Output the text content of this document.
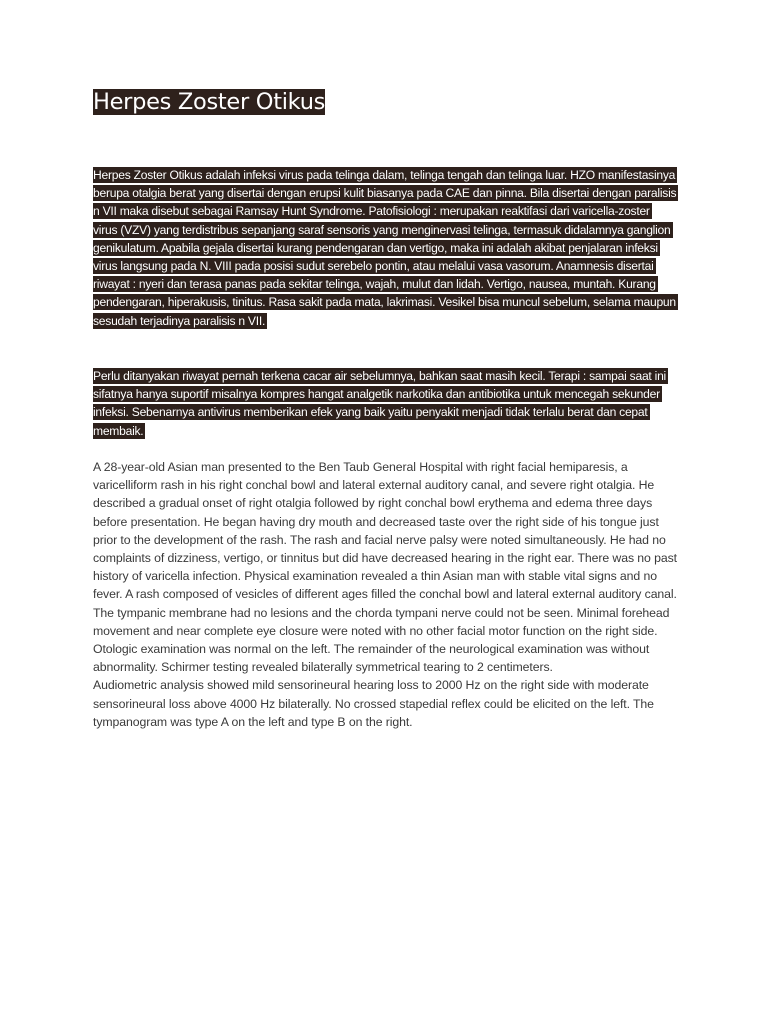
Herpes Zoster Otikus

Herpes Zoster Otikus adalah infeksi virus pada telinga dalam, telinga tengah dan telinga luar. HZO manifestasinya berupa otalgia berat yang disertai dengan erupsi kulit biasanya pada CAE dan pinna. Bila disertai dengan paralisis n VII maka disebut sebagai Ramsay Hunt Syndrome. Patofisiologi : merupakan reaktifasi dari varicella-zoster virus (VZV) yang terdistribus sepanjang saraf sensoris yang menginervasi telinga, termasuk didalamnya ganglion genikulatum. Apabila gejala disertai kurang pendengaran dan vertigo, maka ini adalah akibat penjalaran infeksi virus langsung pada N. VIII pada posisi sudut serebelo pontin, atau melalui vasa vasorum. Anamnesis disertai riwayat : nyeri dan terasa panas pada sekitar telinga, wajah, mulut dan lidah. Vertigo, nausea, muntah. Kurang pendengaran, hiperakusis, tinitus. Rasa sakit pada mata, lakrimasi. Vesikel bisa muncul sebelum, selama maupun sesudah terjadinya paralisis n VII.

Perlu ditanyakan riwayat pernah terkena cacar air sebelumnya, bahkan saat masih kecil. Terapi : sampai saat ini sifatnya hanya suportif misalnya kompres hangat analgetik narkotika dan antibiotika untuk mencegah sekunder infeksi. Sebenarnya antivirus memberikan efek yang baik yaitu penyakit menjadi tidak terlalu berat dan cepat membaik.

A 28-year-old Asian man presented to the Ben Taub General Hospital with right facial hemiparesis, a varicelliform rash in his right conchal bowl and lateral external auditory canal, and severe right otalgia. He described a gradual onset of right otalgia followed by right conchal bowl erythema and edema three days before presentation. He began having dry mouth and decreased taste over the right side of his tongue just prior to the development of the rash. The rash and facial nerve palsy were noted simultaneously. He had no complaints of dizziness, vertigo, or tinnitus but did have decreased hearing in the right ear. There was no past history of varicella infection. Physical examination revealed a thin Asian man with stable vital signs and no fever. A rash composed of vesicles of different ages filled the conchal bowl and lateral external auditory canal. The tympanic membrane had no lesions and the chorda tympani nerve could not be seen. Minimal forehead movement and near complete eye closure were noted with no other facial motor function on the right side. Otologic examination was normal on the left. The remainder of the neurological examination was without abnormality. Schirmer testing revealed bilaterally symmetrical tearing to 2 centimeters.
Audiometric analysis showed mild sensorineural hearing loss to 2000 Hz on the right side with moderate sensorineural loss above 4000 Hz bilaterally. No crossed stapedial reflex could be elicited on the left. The tympanogram was type A on the left and type B on the right.
